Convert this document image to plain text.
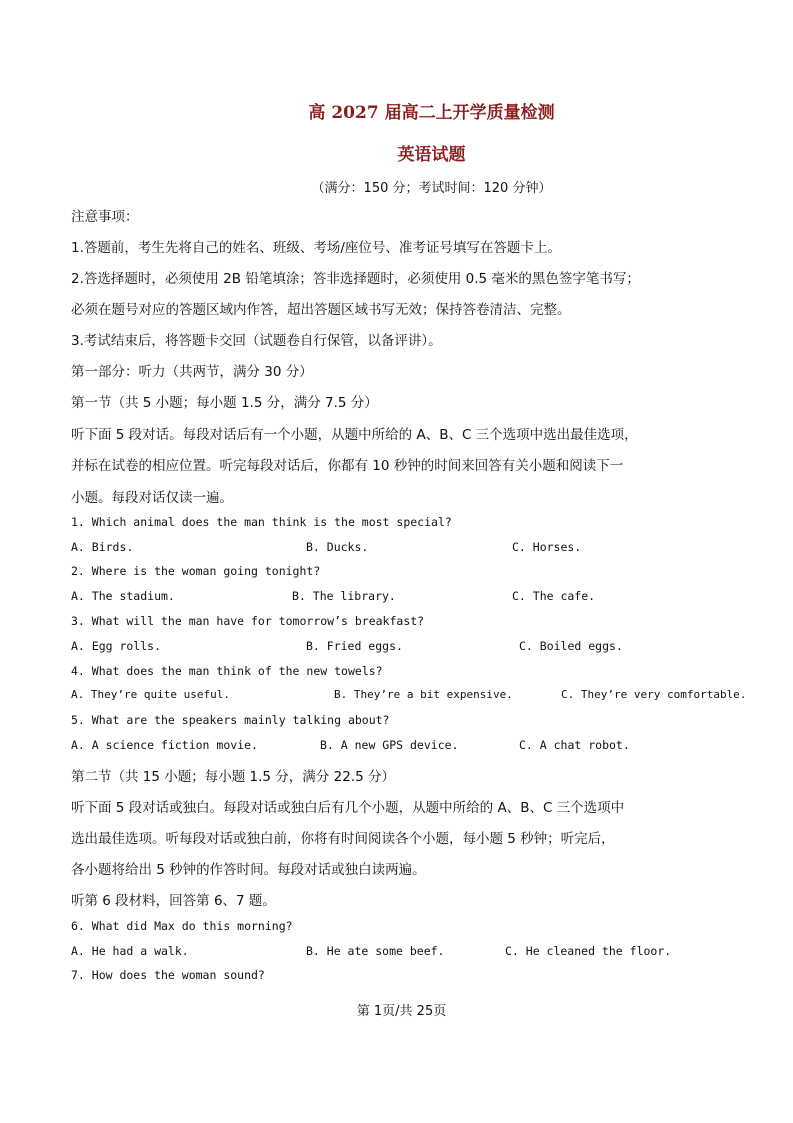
高 2027 届高二上开学质量检测
英语试题
（满分：150 分；考试时间：120 分钟）
注意事项：
1.答题前，考生先将自己的姓名、班级、考场/座位号、准考证号填写在答题卡上。
2.答选择题时，必须使用 2B 铅笔填涂；答非选择题时，必须使用 0.5 毫米的黑色签字笔书写；
必须在题号对应的答题区域内作答，超出答题区域书写无效；保持答卷清洁、完整。
3.考试结束后，将答题卡交回（试题卷自行保管，以备评讲）。
第一部分：听力（共两节，满分 30 分）
第一节（共 5 小题；每小题 1.5 分，满分 7.5 分）
听下面 5 段对话。每段对话后有一个小题，从题中所给的 A、B、C 三个选项中选出最佳选项，
并标在试卷的相应位置。听完每段对话后，你都有 10 秒钟的时间来回答有关小题和阅读下一
小题。每段对话仅读一遍。
1. Which animal does the man think is the most special?
A. Birds.	B. Ducks.	C. Horses.
2. Where is the woman going tonight?
A. The stadium.	B. The library.	C. The cafe.
3. What will the man have for tomorrow’s breakfast?
A. Egg rolls.	B. Fried eggs.	C. Boiled eggs.
4. What does the man think of the new towels?
A. They’re quite useful.	B. They’re a bit expensive.	C. They’re very comfortable.
5. What are the speakers mainly talking about?
A. A science fiction movie.	B. A new GPS device.	C. A chat robot.
第二节（共 15 小题；每小题 1.5 分，满分 22.5 分）
听下面 5 段对话或独白。每段对话或独白后有几个小题，从题中所给的 A、B、C 三个选项中
选出最佳选项。听每段对话或独白前，你将有时间阅读各个小题，每小题 5 秒钟；听完后，
各小题将给出 5 秒钟的作答时间。每段对话或独白读两遍。
听第 6 段材料，回答第 6、7 题。
6. What did Max do this morning?
A. He had a walk.	B. He ate some beef.	C. He cleaned the floor.
7. How does the woman sound?
第 1页/共 25页
